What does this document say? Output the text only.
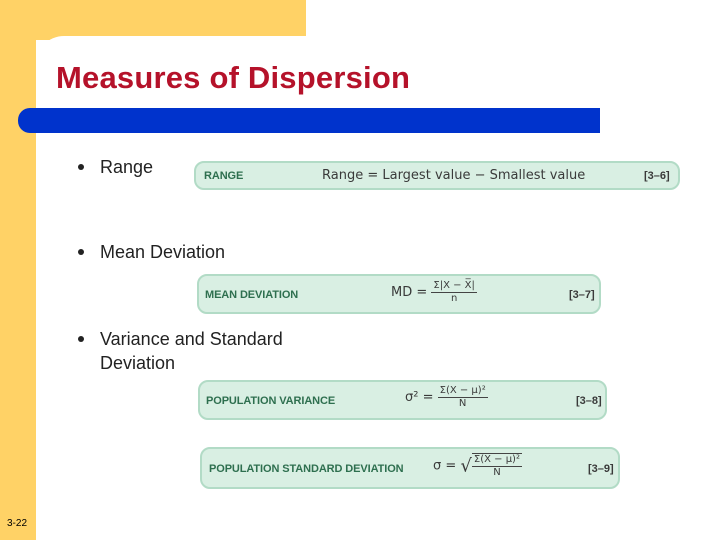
Measures of Dispersion
Range	RANGE	Range = Largest value − Smallest value	[3–6]
Mean Deviation
MEAN DEVIATION	MD = $\frac{\Sigma|X - X̅|}{n}$	[3–7]
Variance and Standard Deviation
POPULATION VARIANCE	$\sigma^2 = \frac{\text{Σ(X − μ)²}}{N}$	[3–8]
POPULATION STANDARD DEVIATION σ = √ $\frac{\text{Σ(X − μ)²}}{N}$	[3–9]
3-22
